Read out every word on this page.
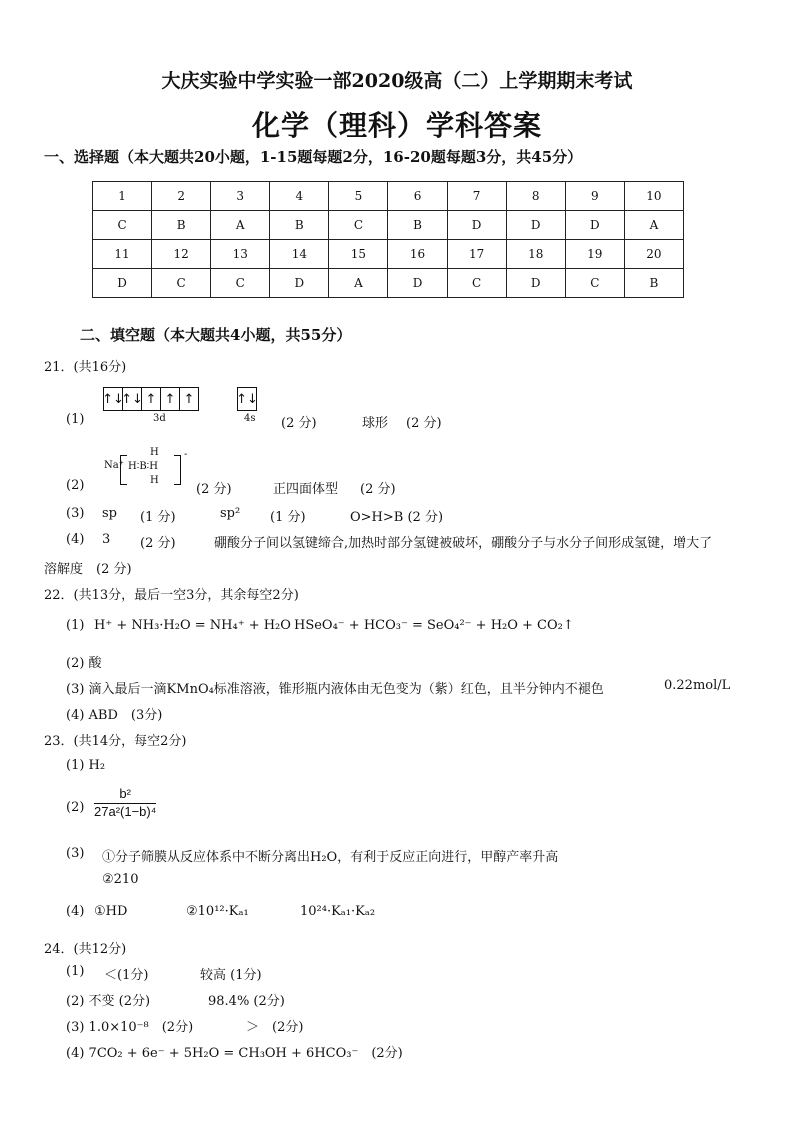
大庆实验中学实验一部2020级高（二）上学期期末考试
化学（理科）学科答案
一、选择题（本大题共20小题，1-15题每题2分，16-20题每题3分，共45分）
1	2	3	4	5	6	7	8	9	10
C	B	A	B	C	B	D	D	D	A
11	12	13	14	15	16	17	18	19	20
D	C	C	D	A	D	C	D	C	B
二、填空题（本大题共4小题，共55分）
21．(共16分)
↑↓
↑↓ ↑ ↑ ↑	↑↓
3d	4s
(1)	(2 分)	球形 (2 分)
Na⁺
H
H∶B∶H
H
-
(2)	(2 分)	正四面体型 (2 分)
(3) sp (1 分)	sp² (1 分)	O>H>B (2 分)
(4) 3 (2 分)	硼酸分子间以氢键缔合,加热时部分氢键被破坏，硼酸分子与水分子间形成氢键，增大了
溶解度　(2 分)
22．(共13分，最后一空3分，其余每空2分)
(1) H⁺ + NH₃·H₂O = NH₄⁺ + H₂O HSeO₄⁻ + HCO₃⁻ = SeO₄²⁻ + H₂O + CO₂↑
(2) 酸
(3) 滴入最后一滴KMnO₄标准溶液，锥形瓶内液体由无色变为（紫）红色，且半分钟内不褪色	0.22mol/L
(4) ABD　(3分)
23．(共14分，每空2分)
(1) H₂
(2)
b²
27a²(1−b)⁴
(3) ①分子筛膜从反应体系中不断分离出H₂O，有利于反应正向进行，甲醇产率升高
②210
(4) ①HD	②10¹²·Kₐ₁	10²⁴·Kₐ₁·Kₐ₂
24．(共12分)
(1) ＜(1分)	较高 (1分)
(2) 不变 (2分)	98.4% (2分)
(3) 1.0×10⁻⁸　(2分)	＞　(2分)
(4) 7CO₂ + 6e⁻ + 5H₂O = CH₃OH + 6HCO₃⁻　(2分)
